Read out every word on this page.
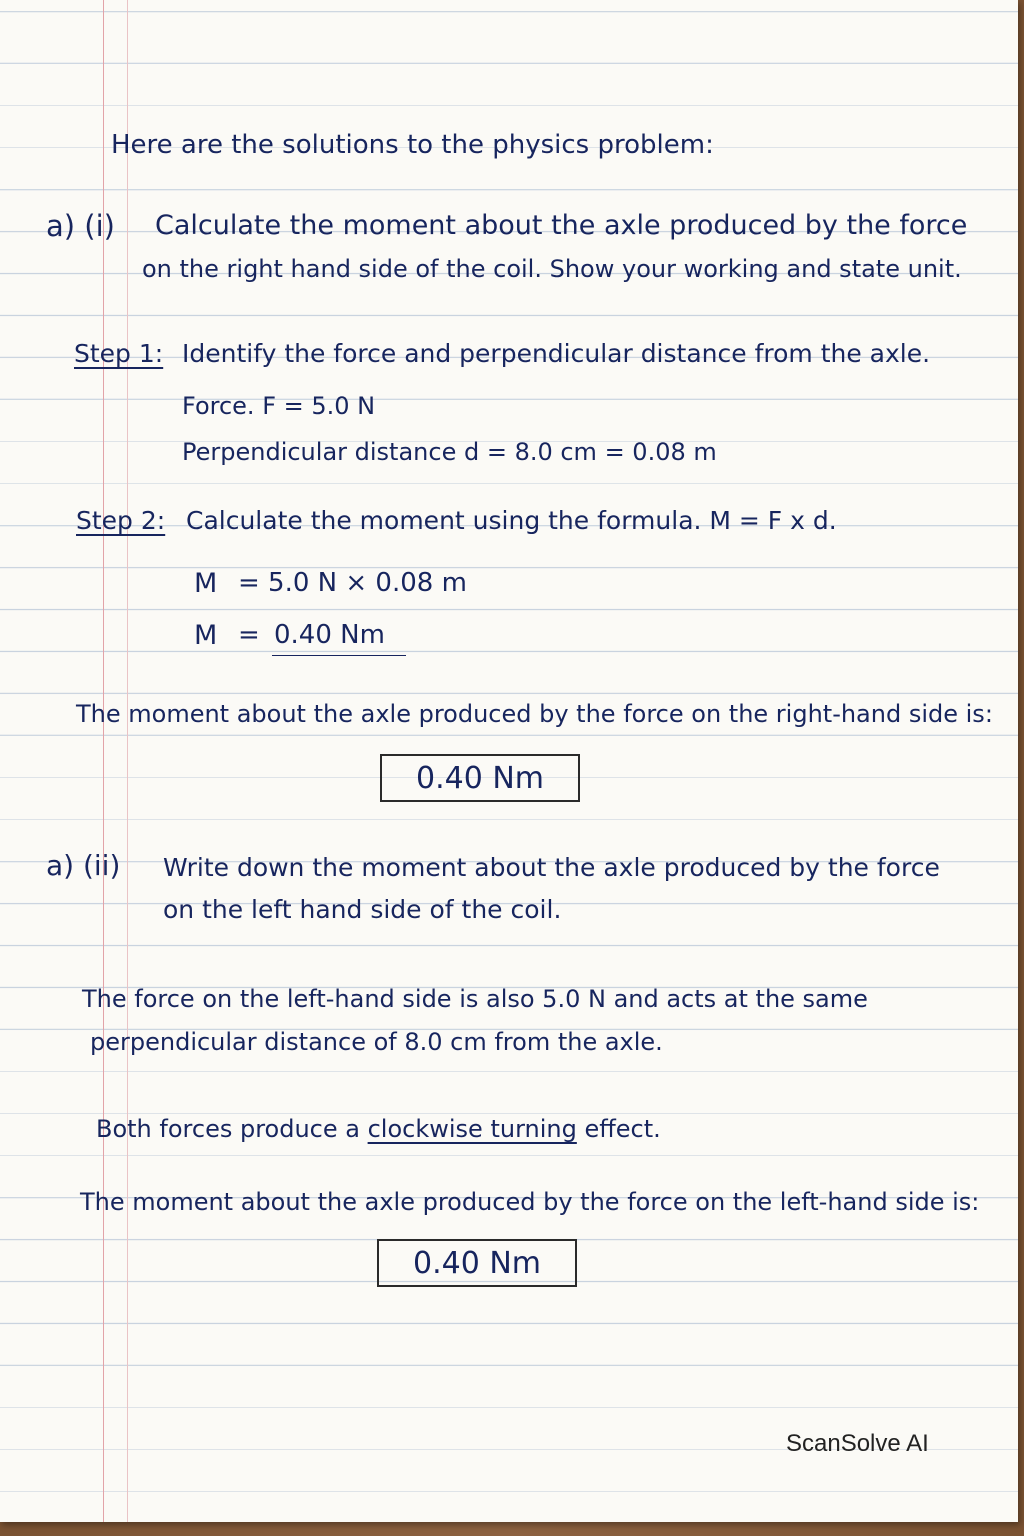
Here are the solutions to the physics problem:
a) (i) Calculate the moment about the axle produced by the force
on the right hand side of the coil. Show your working and state unit.
Step 1: Identify the force and perpendicular distance from the axle.
Force. F = 5.0 N
Perpendicular distance d = 8.0 cm = 0.08 m
Step 2: Calculate the moment using the formula. M = F x d.
M = 5.0 N × 0.08 m
M = 0.40 Nm
The moment about the axle produced by the force on the right-hand side is:
0.40 Nm
a) (ii) Write down the moment about the axle produced by the force
on the left hand side of the coil.
The force on the left-hand side is also 5.0 N and acts at the same
perpendicular distance of 8.0 cm from the axle.
Both forces produce a clockwise turning effect.
The moment about the axle produced by the force on the left-hand side is:
0.40 Nm
ScanSolve AI
